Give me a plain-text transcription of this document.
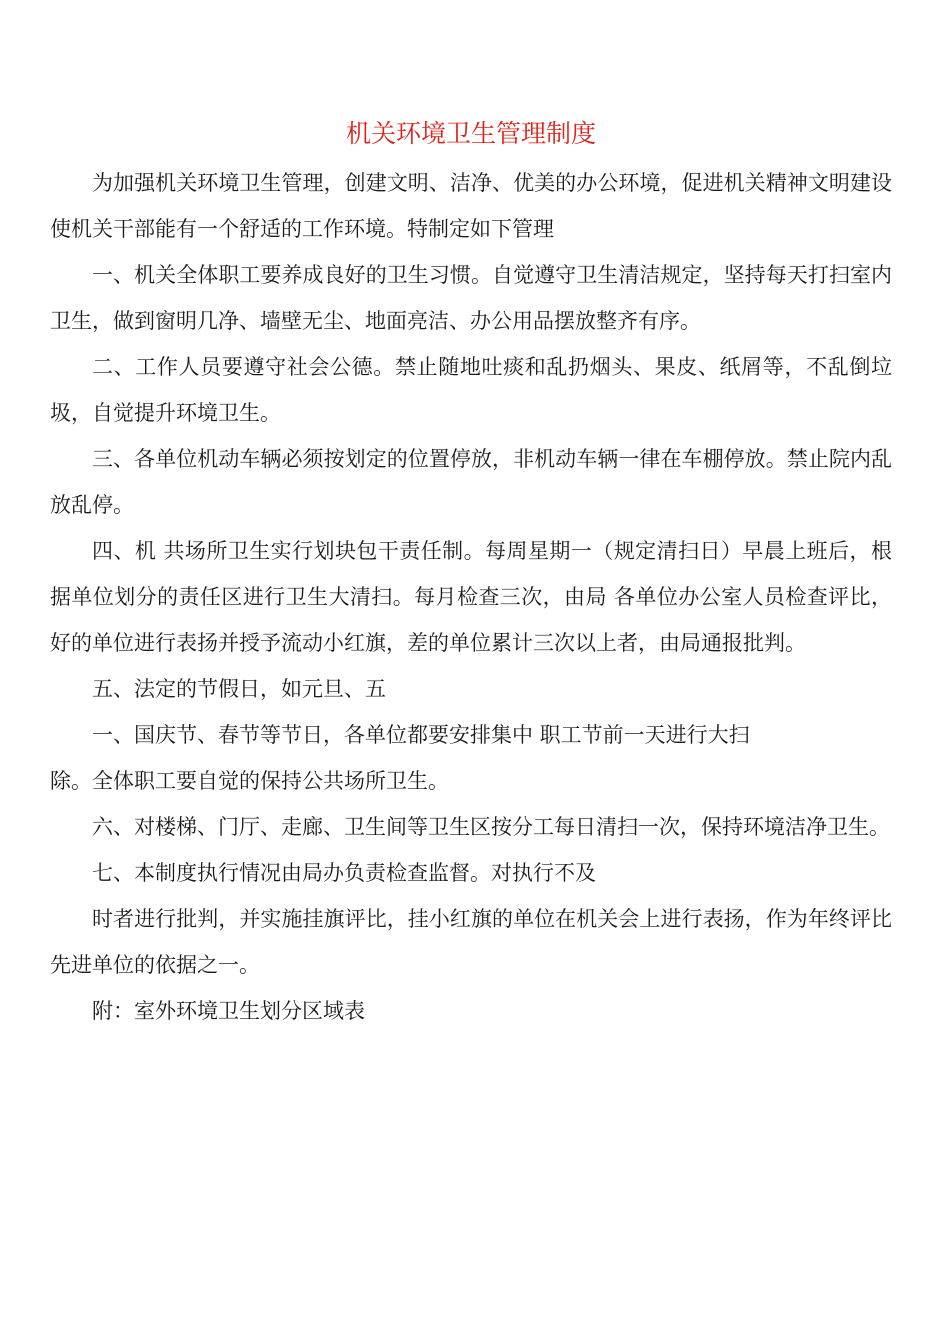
机关环境卫生管理制度

为加强机关环境卫生管理，创建文明、洁净、优美的办公环境，促进机关精神文明建设使机关干部能有一个舒适的工作环境。特制定如下管理

一、机关全体职工要养成良好的卫生习惯。自觉遵守卫生清洁规定，坚持每天打扫室内卫生，做到窗明几净、墙壁无尘、地面亮洁、办公用品摆放整齐有序。

二、工作人员要遵守社会公德。禁止随地吐痰和乱扔烟头、果皮、纸屑等，不乱倒垃圾，自觉提升环境卫生。

三、各单位机动车辆必须按划定的位置停放，非机动车辆一律在车棚停放。禁止院内乱放乱停。

四、机 共场所卫生实行划块包干责任制。每周星期一（规定清扫日）早晨上班后，根据单位划分的责任区进行卫生大清扫。每月检查三次，由局 各单位办公室人员检查评比，好的单位进行表扬并授予流动小红旗，差的单位累计三次以上者，由局通报批判。

五、法定的节假日，如元旦、五

一、国庆节、春节等节日，各单位都要安排集中 职工节前一天进行大扫

除。全体职工要自觉的保持公共场所卫生。

六、对楼梯、门厅、走廊、卫生间等卫生区按分工每日清扫一次，保持环境洁净卫生。

七、本制度执行情况由局办负责检查监督。对执行不及

时者进行批判，并实施挂旗评比，挂小红旗的单位在机关会上进行表扬，作为年终评比先进单位的依据之一。

附：室外环境卫生划分区域表
